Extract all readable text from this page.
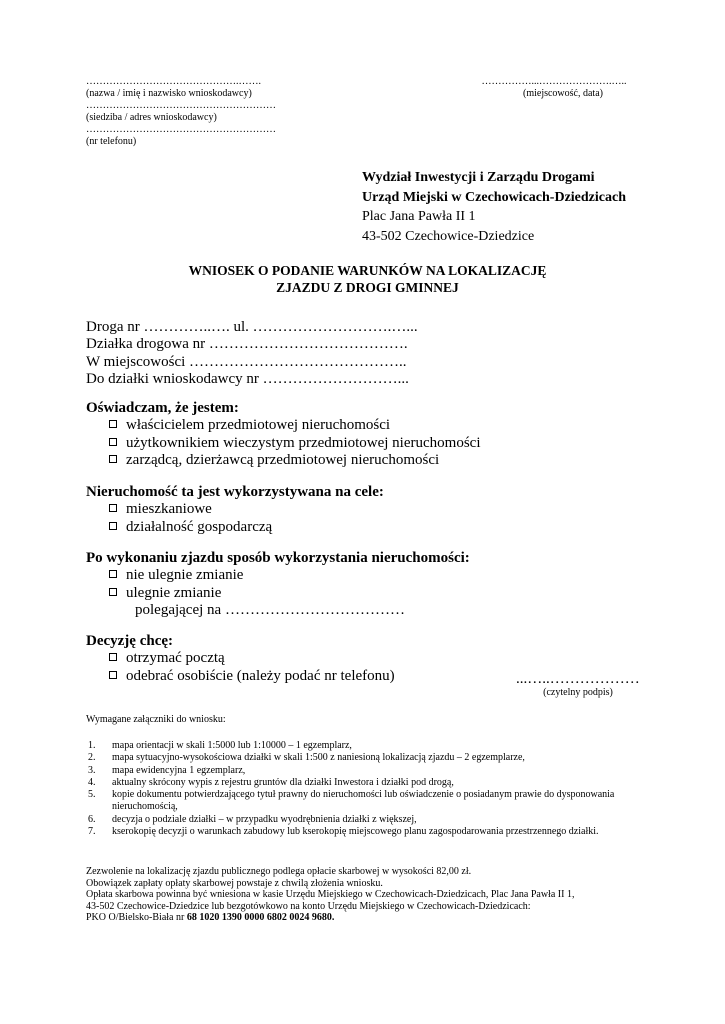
……………………………………….…….
(nazwa / imię i nazwisko wnioskodawcy)
…………………………………………………
(siedziba / adres wnioskodawcy)
…………………………………………………
(nr telefonu)
……………...………………….…..
(miejscowość, data)
Wydział Inwestycji i Zarządu Drogami
Urząd Miejski w Czechowicach-Dziedzicach
Plac Jana Pawła II 1
43-502 Czechowice-Dziedzice
WNIOSEK O PODANIE WARUNKÓW NA LOKALIZACJĘ
ZJAZDU Z DROGI GMINNEJ
Droga nr …………..…. ul. ……………………….…...
Działka drogowa nr ………………………………….
W miejscowości ……………………………………..
Do działki wnioskodawcy nr ………………………...
Oświadczam, że jestem:
właścicielem przedmiotowej nieruchomości
użytkownikiem wieczystym przedmiotowej nieruchomości
zarządcą, dzierżawcą przedmiotowej nieruchomości
Nieruchomość ta jest wykorzystywana na cele:
mieszkaniowe
działalność gospodarczą
Po wykonaniu zjazdu sposób wykorzystania nieruchomości:
nie ulegnie zmianie
ulegnie zmianie
polegającej na ………………………………
Decyzję chcę:
otrzymać pocztą
odebrać osobiście (należy podać nr telefonu)	...…..………………
(czytelny podpis)
Wymagane załączniki do wniosku:
1.	mapa orientacji w skali 1:5000 lub 1:10000 – 1 egzemplarz,
2.	mapa sytuacyjno-wysokościowa działki w skali 1:500 z naniesioną lokalizacją zjazdu – 2 egzemplarze,
3.	mapa ewidencyjna 1 egzemplarz,
4.	aktualny skrócony wypis z rejestru gruntów dla działki Inwestora i działki pod drogą,
5.	kopie dokumentu potwierdzającego tytuł prawny do nieruchomości lub oświadczenie o posiadanym prawie do dysponowania nieruchomością,
6.	decyzja o podziale działki – w przypadku wyodrębnienia działki z większej,
7.	kserokopię decyzji o warunkach zabudowy lub kserokopię miejscowego planu zagospodarowania przestrzennego działki.
Zezwolenie na lokalizację zjazdu publicznego podlega opłacie skarbowej w wysokości 82,00 zł.
Obowiązek zapłaty opłaty skarbowej powstaje z chwilą złożenia wniosku.
Opłata skarbowa powinna być wniesiona w kasie Urzędu Miejskiego w Czechowicach-Dziedzicach, Plac Jana Pawła II 1,
43-502 Czechowice-Dziedzice lub bezgotówkowo na konto Urzędu Miejskiego w Czechowicach-Dziedzicach:
PKO O/Bielsko-Biała nr 68 1020 1390 0000 6802 0024 9680.
